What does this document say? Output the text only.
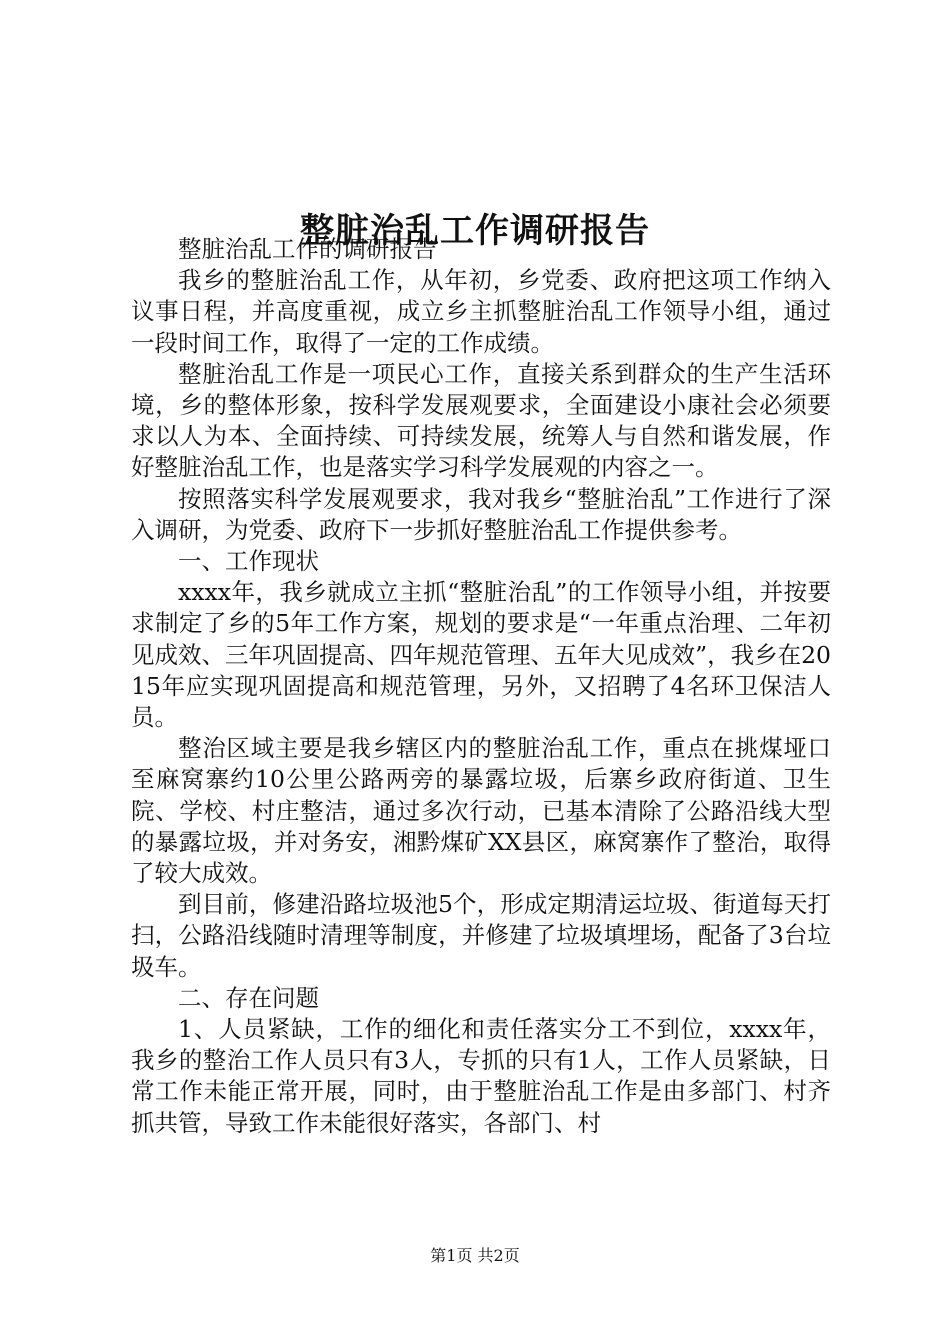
整脏治乱工作调研报告

整脏治乱工作的调研报告

我乡的整脏治乱工作，从年初，乡党委、政府把这项工作纳入议事日程，并高度重视，成立乡主抓整脏治乱工作领导小组，通过一段时间工作，取得了一定的工作成绩。

整脏治乱工作是一项民心工作，直接关系到群众的生产生活环境，乡的整体形象，按科学发展观要求，全面建设小康社会必须要求以人为本、全面持续、可持续发展，统筹人与自然和谐发展，作好整脏治乱工作，也是落实学习科学发展观的内容之一。

按照落实科学发展观要求，我对我乡“整脏治乱”工作进行了深入调研，为党委、政府下一步抓好整脏治乱工作提供参考。

一、工作现状

xxxx年，我乡就成立主抓“整脏治乱”的工作领导小组，并按要求制定了乡的5年工作方案，规划的要求是“一年重点治理、二年初见成效、三年巩固提高、四年规范管理、五年大见成效”，我乡在2015年应实现巩固提高和规范管理，另外，又招聘了4名环卫保洁人员。

整治区域主要是我乡辖区内的整脏治乱工作，重点在挑煤垭口至麻窝寨约10公里公路两旁的暴露垃圾，后寨乡政府街道、卫生院、学校、村庄整洁，通过多次行动，已基本清除了公路沿线大型的暴露垃圾，并对务安，湘黔煤矿XX县区，麻窝寨作了整治，取得了较大成效。

到目前，修建沿路垃圾池5个，形成定期清运垃圾、街道每天打扫，公路沿线随时清理等制度，并修建了垃圾填埋场，配备了3台垃圾车。

二、存在问题

1、人员紧缺，工作的细化和责任落实分工不到位，xxxx年，我乡的整治工作人员只有3人，专抓的只有1人，工作人员紧缺，日常工作未能正常开展，同时，由于整脏治乱工作是由多部门、村齐抓共管，导致工作未能很好落实，各部门、村

第1页 共2页
